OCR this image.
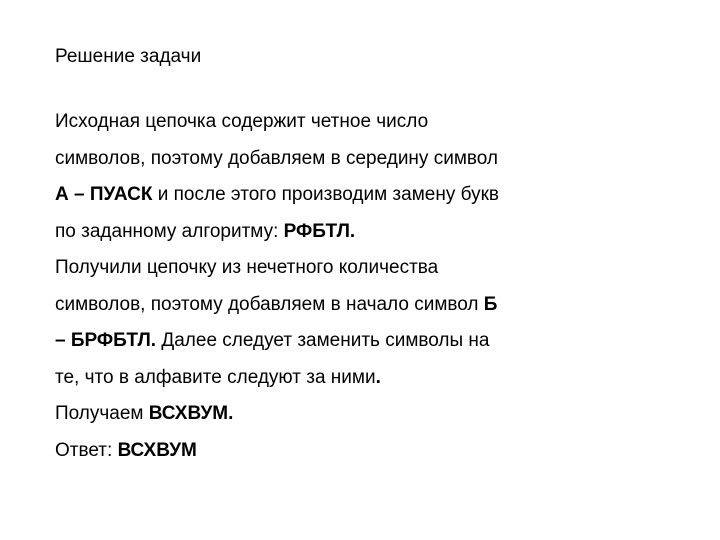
Решение задачи
Исходная цепочка содержит четное число
символов, поэтому добавляем в середину символ
А – ПУАСК и после этого производим замену букв
по заданному алгоритму: РФБТЛ.
Получили цепочку из нечетного количества
символов, поэтому добавляем в начало символ Б
– БРФБТЛ. Далее следует заменить символы на
те, что в алфавите следуют за ними.
Получаем ВСХВУМ.
Ответ: ВСХВУМ
